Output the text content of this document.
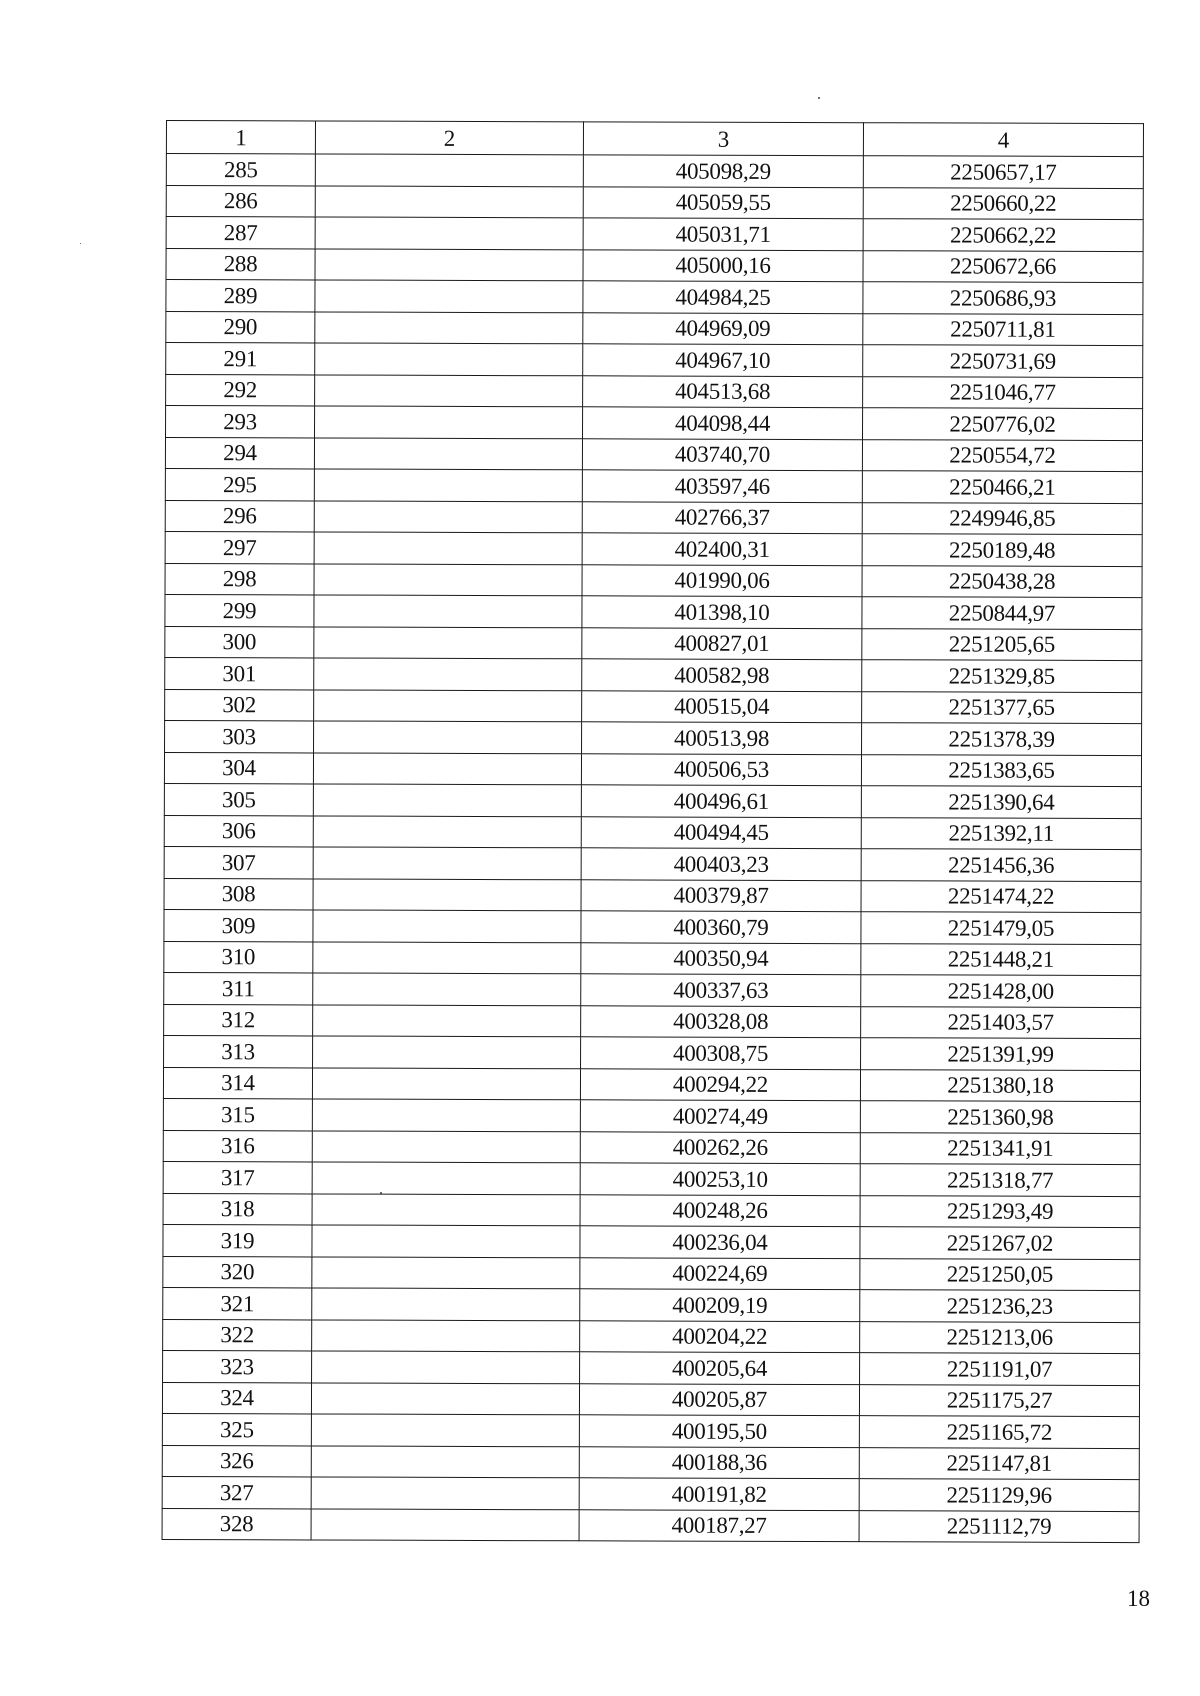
1	2	3	4
285		405098,29	2250657,17
286		405059,55	2250660,22
287		405031,71	2250662,22
288		405000,16	2250672,66
289		404984,25	2250686,93
290		404969,09	2250711,81
291		404967,10	2250731,69
292		404513,68	2251046,77
293		404098,44	2250776,02
294		403740,70	2250554,72
295		403597,46	2250466,21
296		402766,37	2249946,85
297		402400,31	2250189,48
298		401990,06	2250438,28
299		401398,10	2250844,97
300		400827,01	2251205,65
301		400582,98	2251329,85
302		400515,04	2251377,65
303		400513,98	2251378,39
304		400506,53	2251383,65
305		400496,61	2251390,64
306		400494,45	2251392,11
307		400403,23	2251456,36
308		400379,87	2251474,22
309		400360,79	2251479,05
310		400350,94	2251448,21
311		400337,63	2251428,00
312		400328,08	2251403,57
313		400308,75	2251391,99
314		400294,22	2251380,18
315		400274,49	2251360,98
316		400262,26	2251341,91
317		400253,10	2251318,77
318		400248,26	2251293,49
319		400236,04	2251267,02
320		400224,69	2251250,05
321		400209,19	2251236,23
322		400204,22	2251213,06
323		400205,64	2251191,07
324		400205,87	2251175,27
325		400195,50	2251165,72
326		400188,36	2251147,81
327		400191,82	2251129,96
328		400187,27	2251112,79
18
